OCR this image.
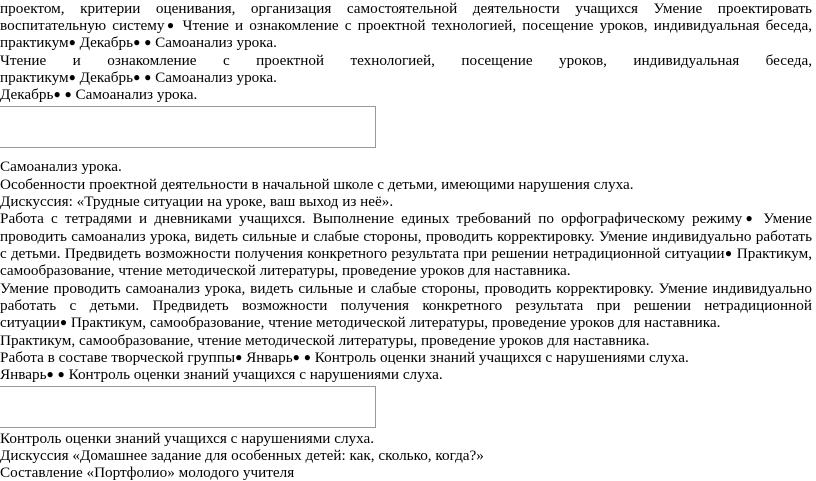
проектом, критерии оценивания, организация самостоятельной деятельности учащихся Умение проектировать
воспитательную систему● Чтение и ознакомление с проектной технологией, посещение уроков, индивидуальная беседа,
практикум● Декабрь● ● Самоанализ урока.
Чтение и ознакомление с проектной технологией, посещение уроков, индивидуальная беседа,
практикум● Декабрь● ● Самоанализ урока.
Декабрь● ● Самоанализ урока.
Самоанализ урока.
Особенности проектной деятельности в начальной школе с детьми, имеющими нарушения слуха.
Дискуссия: «Трудные ситуации на уроке, ваш выход из неё».
Работа с тетрадями и дневниками учащихся. Выполнение единых требований по орфографическому режиму● Умение
проводить самоанализ урока, видеть сильные и слабые стороны, проводить корректировку. Умение индивидуально работать
с детьми. Предвидеть возможности получения конкретного результата при решении нетрадиционной ситуации● Практикум,
самообразование, чтение методической литературы, проведение уроков для наставника.
Умение проводить самоанализ урока, видеть сильные и слабые стороны, проводить корректировку. Умение индивидуально
работать с детьми. Предвидеть возможности получения конкретного результата при решении нетрадиционной
ситуации● Практикум, самообразование, чтение методической литературы, проведение уроков для наставника.
Практикум, самообразование, чтение методической литературы, проведение уроков для наставника.
Работа в составе творческой группы● Январь● ● Контроль оценки знаний учащихся с нарушениями слуха.
Январь● ● Контроль оценки знаний учащихся с нарушениями слуха.
Контроль оценки знаний учащихся с нарушениями слуха.
Дискуссия «Домашнее задание для особенных детей: как, сколько, когда?»
Составление «Портфолио» молодого учителя
